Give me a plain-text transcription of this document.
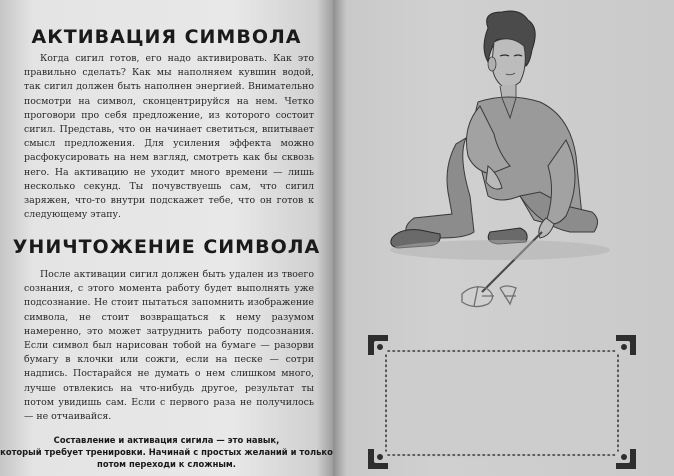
АКТИВАЦИЯ СИМВОЛА

Когда сигил готов, его надо активировать. Как это правильно сделать? Как мы наполняем кувшин водой, так сигил должен быть наполнен энергией. Внимательно посмотри на символ, сконцентрируйся на нем. Четко проговори про себя предложение, из которого состоит сигил. Представь, что он начинает светиться, впитывает смысл предложения. Для усиления эффекта можно расфокусировать на нем взгляд, смотреть как бы сквозь него. На активацию не уходит много времени — лишь несколько секунд. Ты почувствуешь сам, что сигил заряжен, что-то внутри подскажет тебе, что он готов к следующему этапу.

УНИЧТОЖЕНИЕ СИМВОЛА

После активации сигил должен быть удален из твоего сознания, с этого момента работу будет выполнять уже подсознание. Не стоит пытаться запомнить изображение символа, не стоит возвращаться к нему разумом намеренно, это может затруднить работу подсознания. Если символ был нарисован тобой на бумаге — разорви бумагу в клочки или сожги, если на песке — сотри надпись. Постарайся не думать о нем слишком много, лучше отвлекись на что-нибудь другое, результат ты потом увидишь сам. Если с первого раза не получилось — не отчаивайся.

Составление и активация сигила — это навык,
который требует тренировки. Начинай с простых желаний и только
потом переходи к сложным.
